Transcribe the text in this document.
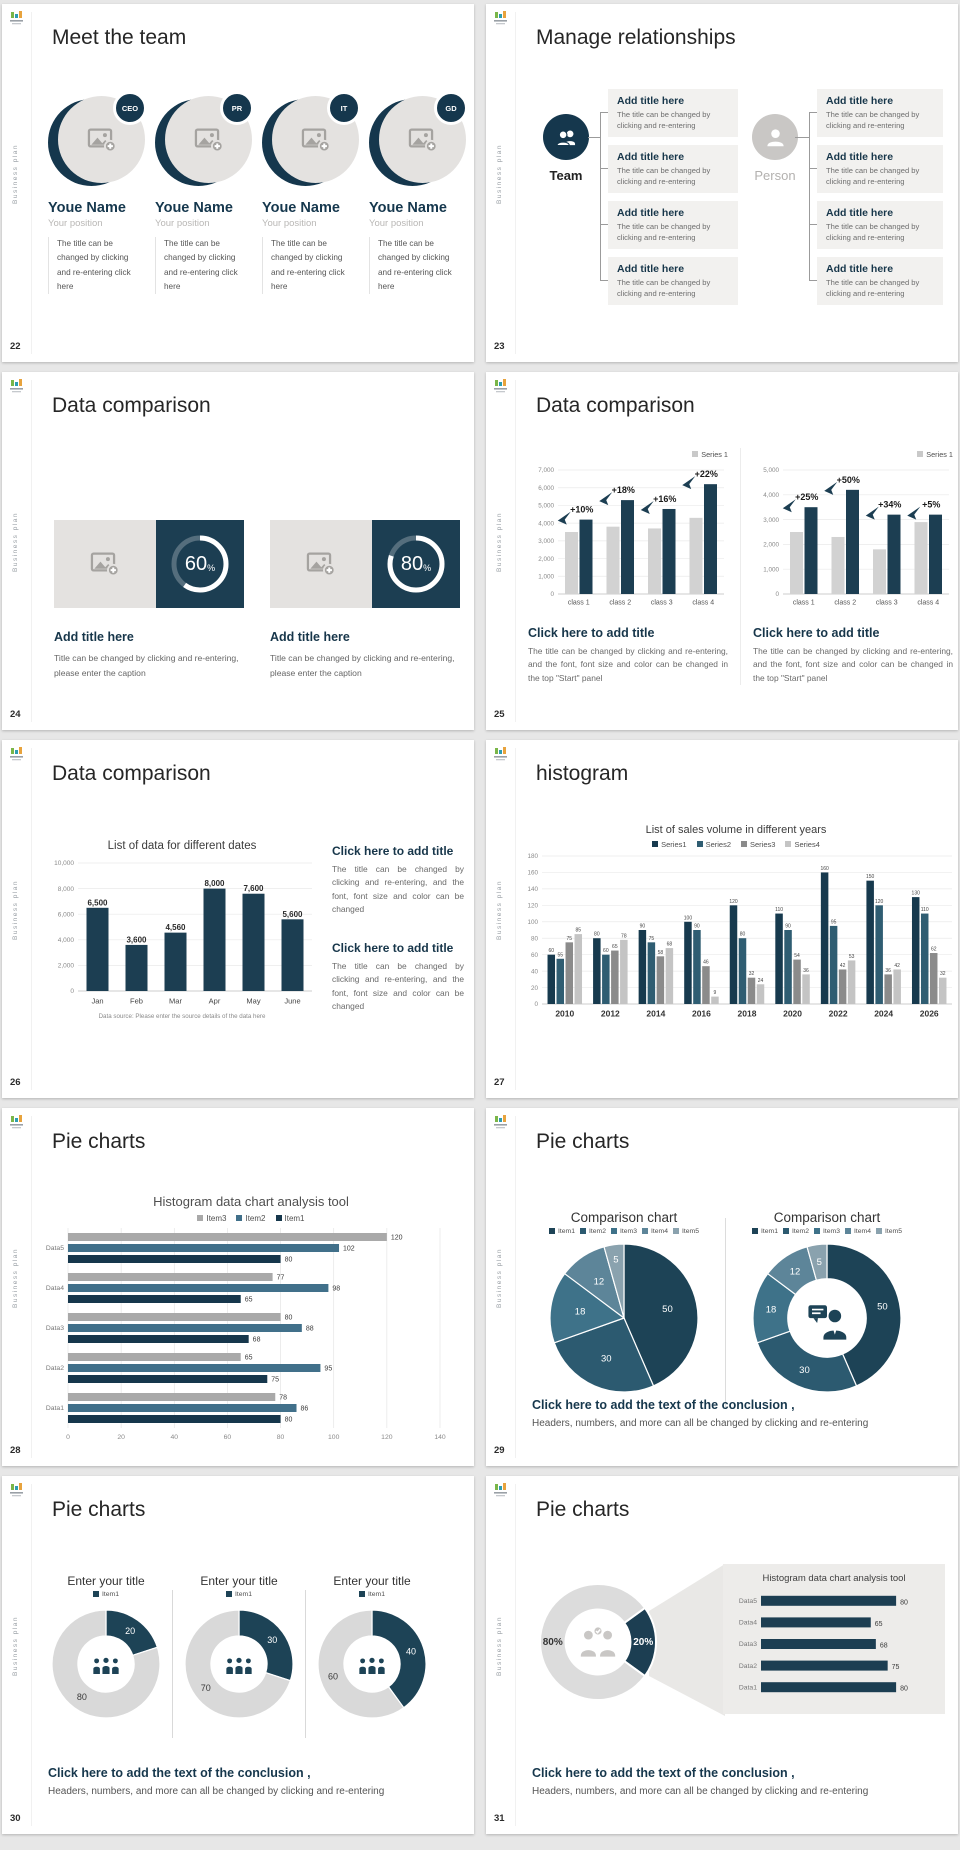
Business plan
22
Meet the team
CEO
Youe Name
Your position
The title can be changed by clicking and re-entering click here
PR
Youe Name
Your position
The title can be changed by clicking and re-entering click here
IT
Youe Name
Your position
The title can be changed by clicking and re-entering click here
GD
Youe Name
Your position
The title can be changed by clicking and re-entering click here
Business plan
23
Manage relationships
Team	Person
Add title here
The title can be changed by clicking and re-entering
Add title here
The title can be changed by clicking and re-entering
Add title here
The title can be changed by clicking and re-entering
Add title here
The title can be changed by clicking and re-entering
Add title here
The title can be changed by clicking and re-entering
Add title here
The title can be changed by clicking and re-entering
Add title here
The title can be changed by clicking and re-entering
Add title here
The title can be changed by clicking and re-entering
Business plan
24
Data comparison
60 %
Add title here
Title can be changed by clicking and re-entering, please enter the caption
80 %
Add title here
Title can be changed by clicking and re-entering, please enter the caption
Business plan
25
Data comparison
Series 1
0
1,000
2,000
3,000
4,000
5,000
6,000
7,000
class 1
+10%
class 2
+18%
class 3
+16%
class 4
+22%
Click here to add title
The title can be changed by clicking and re-entering, and the font, font size and color can be changed in the top "Start" panel
Series 1
0
1,000
2,000
3,000
4,000
5,000
class 1
+25%
class 2
+50%
class 3
+34%
class 4
+5%
Click here to add title
The title can be changed by clicking and re-entering, and the font, font size and color can be changed in the top "Start" panel
Business plan
26
Data comparison
List of data for different dates
0
2,000
4,000
6,000
8,000
10,000
6,500
Jan
3,600
Feb
4,560
Mar
8,000
Apr
7,600
May
5,600
June
Data source: Please enter the source details of the data here
Click here to add title
The title can be changed by clicking and re-entering, and the font, font size and color can be changed
Click here to add title
The title can be changed by clicking and re-entering, and the font, font size and color can be changed
Business plan
27
histogram
List of sales volume in different years
Series1	Series2	Series3	Series4
0
20
40
60
80
100
120
140
160
180
60
55
75
85
2010
80
60
65
78
2012
90
75
58
68
2014
100
90
46
9
2016
120
80
32
24
2018
110
90
54
36
2020
160
95
42
53
2022
150
120
36
42
2024
130
110
62
32
2026
Business plan
28
Pie charts
Histogram data chart analysis tool
Item3 Item2 Item1
0	20	40	60	80	100	120	140
Data5
120
102
80
Data4
77
98
65
Data3
80
88
68
Data2
65
95
75
Data1
78
86
80
Business plan
29
Pie charts
Comparison chart
Item1 Item2 Item3 Item4 Item5
50
30
18
12
5
Comparison chart
Item1 Item2 Item3 Item4 Item5
50
30
18
12
5
Click here to add the text of the conclusion ,
Headers, numbers, and more can all be changed by clicking and re-entering
Business plan
30
Pie charts
Enter your title
Item1
20
80
Enter your title
Item1
30
70
Enter your title
Item1
40
60
Click here to add the text of the conclusion ,
Headers, numbers, and more can all be changed by clicking and re-entering
Business plan
31
Pie charts
20%
80%
Histogram data chart analysis tool
Data5	80
Data4	65
Data3	68
Data2	75
Data1	80
Click here to add the text of the conclusion ,
Headers, numbers, and more can all be changed by clicking and re-entering
